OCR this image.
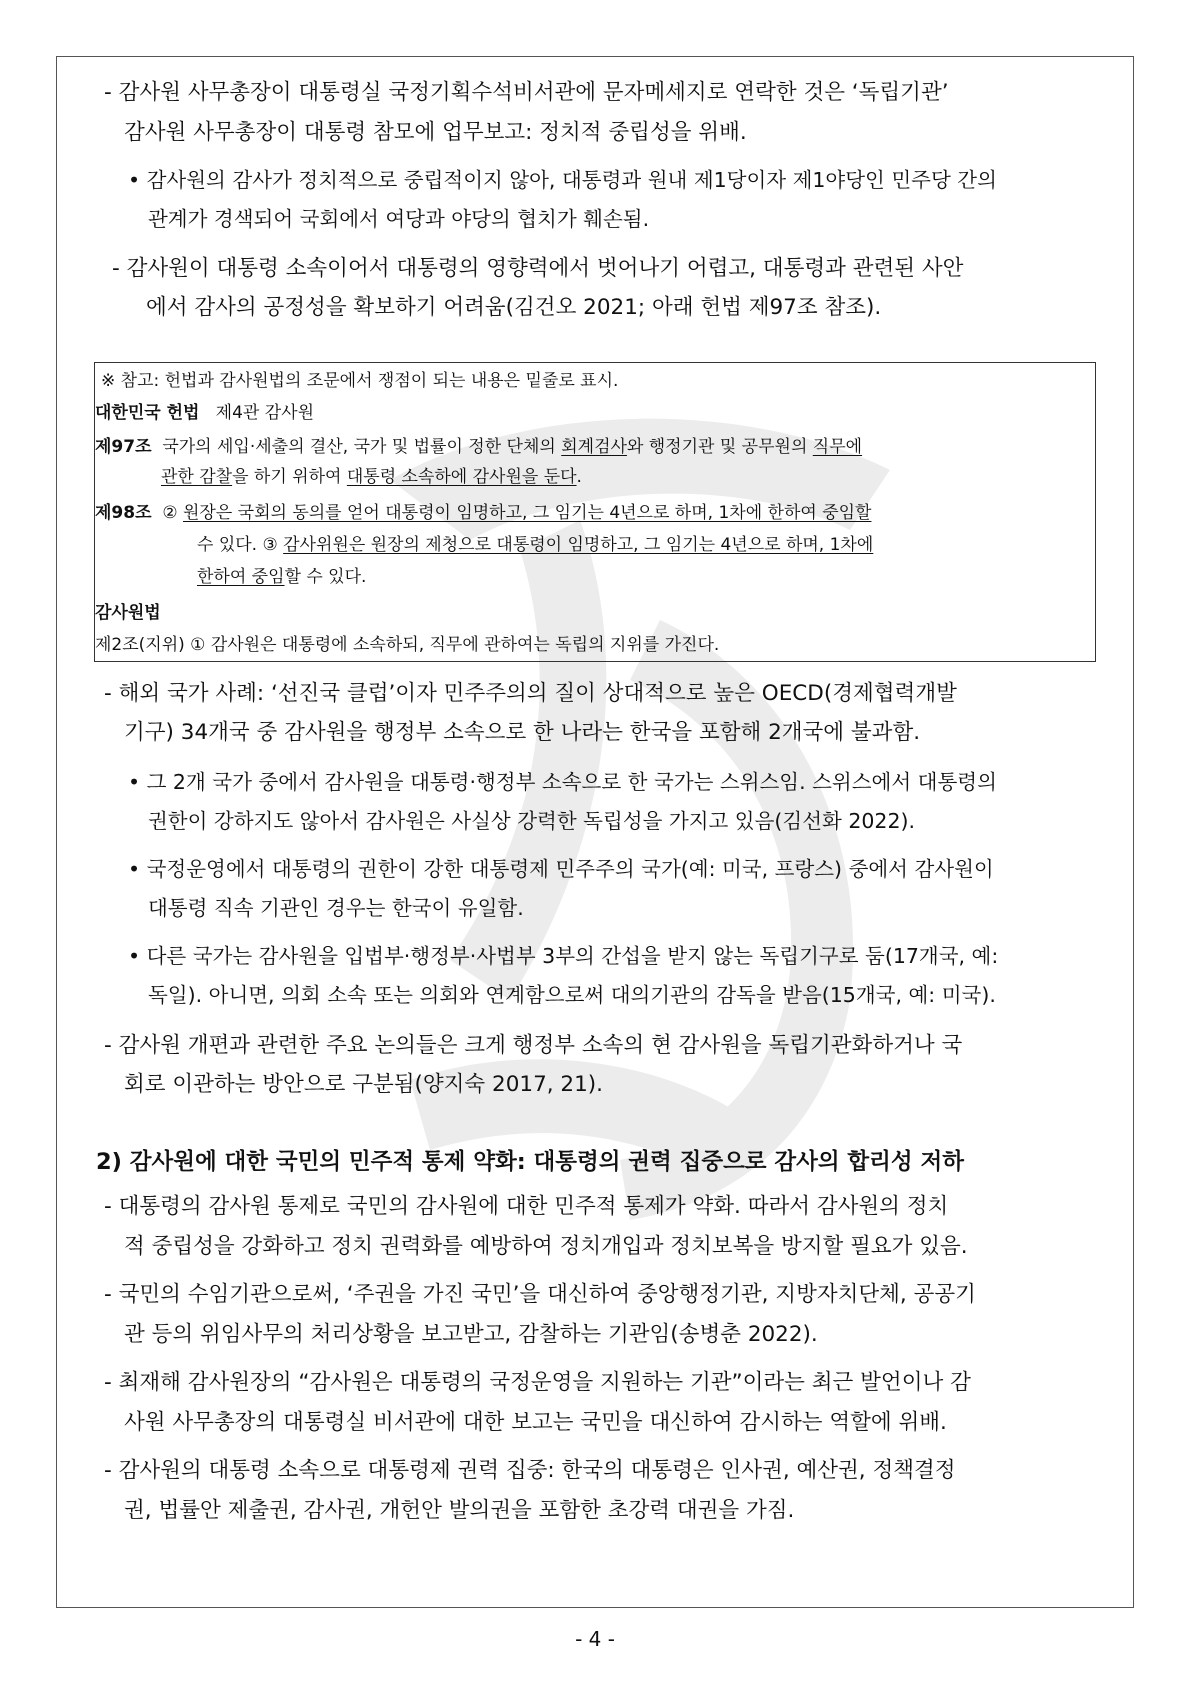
- 감사원 사무총장이 대통령실 국정기획수석비서관에 문자메세지로 연락한 것은 ‘독립기관’
감사원 사무총장이 대통령 참모에 업무보고: 정치적 중립성을 위배.
• 감사원의 감사가 정치적으로 중립적이지 않아, 대통령과 원내 제1당이자 제1야당인 민주당 간의
관계가 경색되어 국회에서 여당과 야당의 협치가 훼손됨.
- 감사원이 대통령 소속이어서 대통령의 영향력에서 벗어나기 어렵고, 대통령과 관련된 사안
에서 감사의 공정성을 확보하기 어려움(김건오 2021; 아래 헌법 제97조 참조).
※ 참고: 헌법과 감사원법의 조문에서 쟁점이 되는 내용은 밑줄로 표시.
대한민국 헌법 제4관 감사원
제97조 국가의 세입·세출의 결산, 국가 및 법률이 정한 단체의 회계검사와 행정기관 및 공무원의 직무에
관한 감찰을 하기 위하여 대통령 소속하에 감사원을 둔다.
제98조 ② 원장은 국회의 동의를 얻어 대통령이 임명하고, 그 임기는 4년으로 하며, 1차에 한하여 중임할
수 있다. ③ 감사위원은 원장의 제청으로 대통령이 임명하고, 그 임기는 4년으로 하며, 1차에
한하여 중임할 수 있다.
감사원법
제2조(지위) ① 감사원은 대통령에 소속하되, 직무에 관하여는 독립의 지위를 가진다.
- 해외 국가 사례: ‘선진국 클럽’이자 민주주의의 질이 상대적으로 높은 OECD(경제협력개발
기구) 34개국 중 감사원을 행정부 소속으로 한 나라는 한국을 포함해 2개국에 불과함.
• 그 2개 국가 중에서 감사원을 대통령·행정부 소속으로 한 국가는 스위스임. 스위스에서 대통령의
권한이 강하지도 않아서 감사원은 사실상 강력한 독립성을 가지고 있음(김선화 2022).
• 국정운영에서 대통령의 권한이 강한 대통령제 민주주의 국가(예: 미국, 프랑스) 중에서 감사원이
대통령 직속 기관인 경우는 한국이 유일함.
• 다른 국가는 감사원을 입법부·행정부·사법부 3부의 간섭을 받지 않는 독립기구로 둠(17개국, 예:
독일). 아니면, 의회 소속 또는 의회와 연계함으로써 대의기관의 감독을 받음(15개국, 예: 미국).
- 감사원 개편과 관련한 주요 논의들은 크게 행정부 소속의 현 감사원을 독립기관화하거나 국
회로 이관하는 방안으로 구분됨(양지숙 2017, 21).
2) 감사원에 대한 국민의 민주적 통제 약화: 대통령의 권력 집중으로 감사의 합리성 저하
- 대통령의 감사원 통제로 국민의 감사원에 대한 민주적 통제가 약화. 따라서 감사원의 정치
적 중립성을 강화하고 정치 권력화를 예방하여 정치개입과 정치보복을 방지할 필요가 있음.
- 국민의 수임기관으로써, ‘주권을 가진 국민’을 대신하여 중앙행정기관, 지방자치단체, 공공기
관 등의 위임사무의 처리상황을 보고받고, 감찰하는 기관임(송병춘 2022).
- 최재해 감사원장의 “감사원은 대통령의 국정운영을 지원하는 기관”이라는 최근 발언이나 감
사원 사무총장의 대통령실 비서관에 대한 보고는 국민을 대신하여 감시하는 역할에 위배.
- 감사원의 대통령 소속으로 대통령제 권력 집중: 한국의 대통령은 인사권, 예산권, 정책결정
권, 법률안 제출권, 감사권, 개헌안 발의권을 포함한 초강력 대권을 가짐.
- 4 -
